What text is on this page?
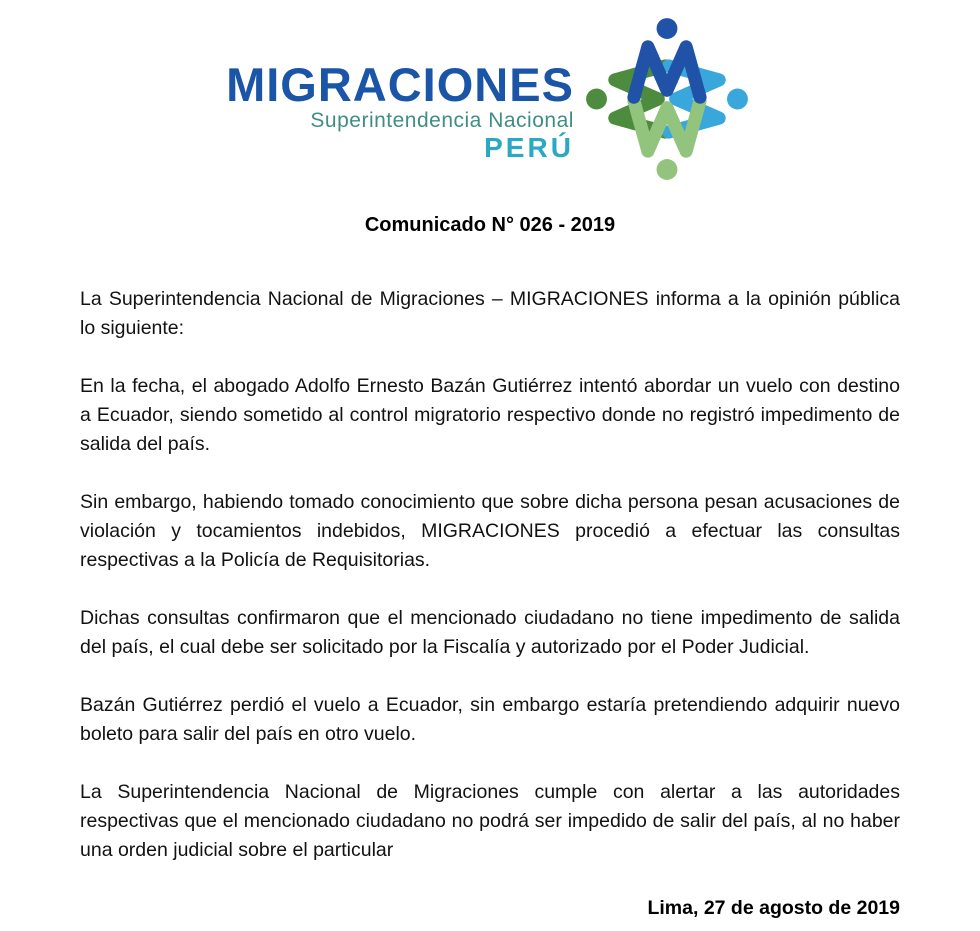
MIGRACIONES
Superintendencia Nacional
PERÚ
Comunicado N° 026 - 2019

La Superintendencia Nacional de Migraciones – MIGRACIONES informa a la opinión pública lo siguiente:

En la fecha, el abogado Adolfo Ernesto Bazán Gutiérrez intentó abordar un vuelo con destino a Ecuador, siendo sometido al control migratorio respectivo donde no registró impedimento de salida del país.

Sin embargo, habiendo tomado conocimiento que sobre dicha persona pesan acusaciones de violación y tocamientos indebidos, MIGRACIONES procedió a efectuar las consultas respectivas a la Policía de Requisitorias.

Dichas consultas confirmaron que el mencionado ciudadano no tiene impedimento de salida del país, el cual debe ser solicitado por la Fiscalía y autorizado por el Poder Judicial.

Bazán Gutiérrez perdió el vuelo a Ecuador, sin embargo estaría pretendiendo adquirir nuevo boleto para salir del país en otro vuelo.

La Superintendencia Nacional de Migraciones cumple con alertar a las autoridades respectivas que el mencionado ciudadano no podrá ser impedido de salir del país, al no haber una orden judicial sobre el particular

Lima, 27 de agosto de 2019
